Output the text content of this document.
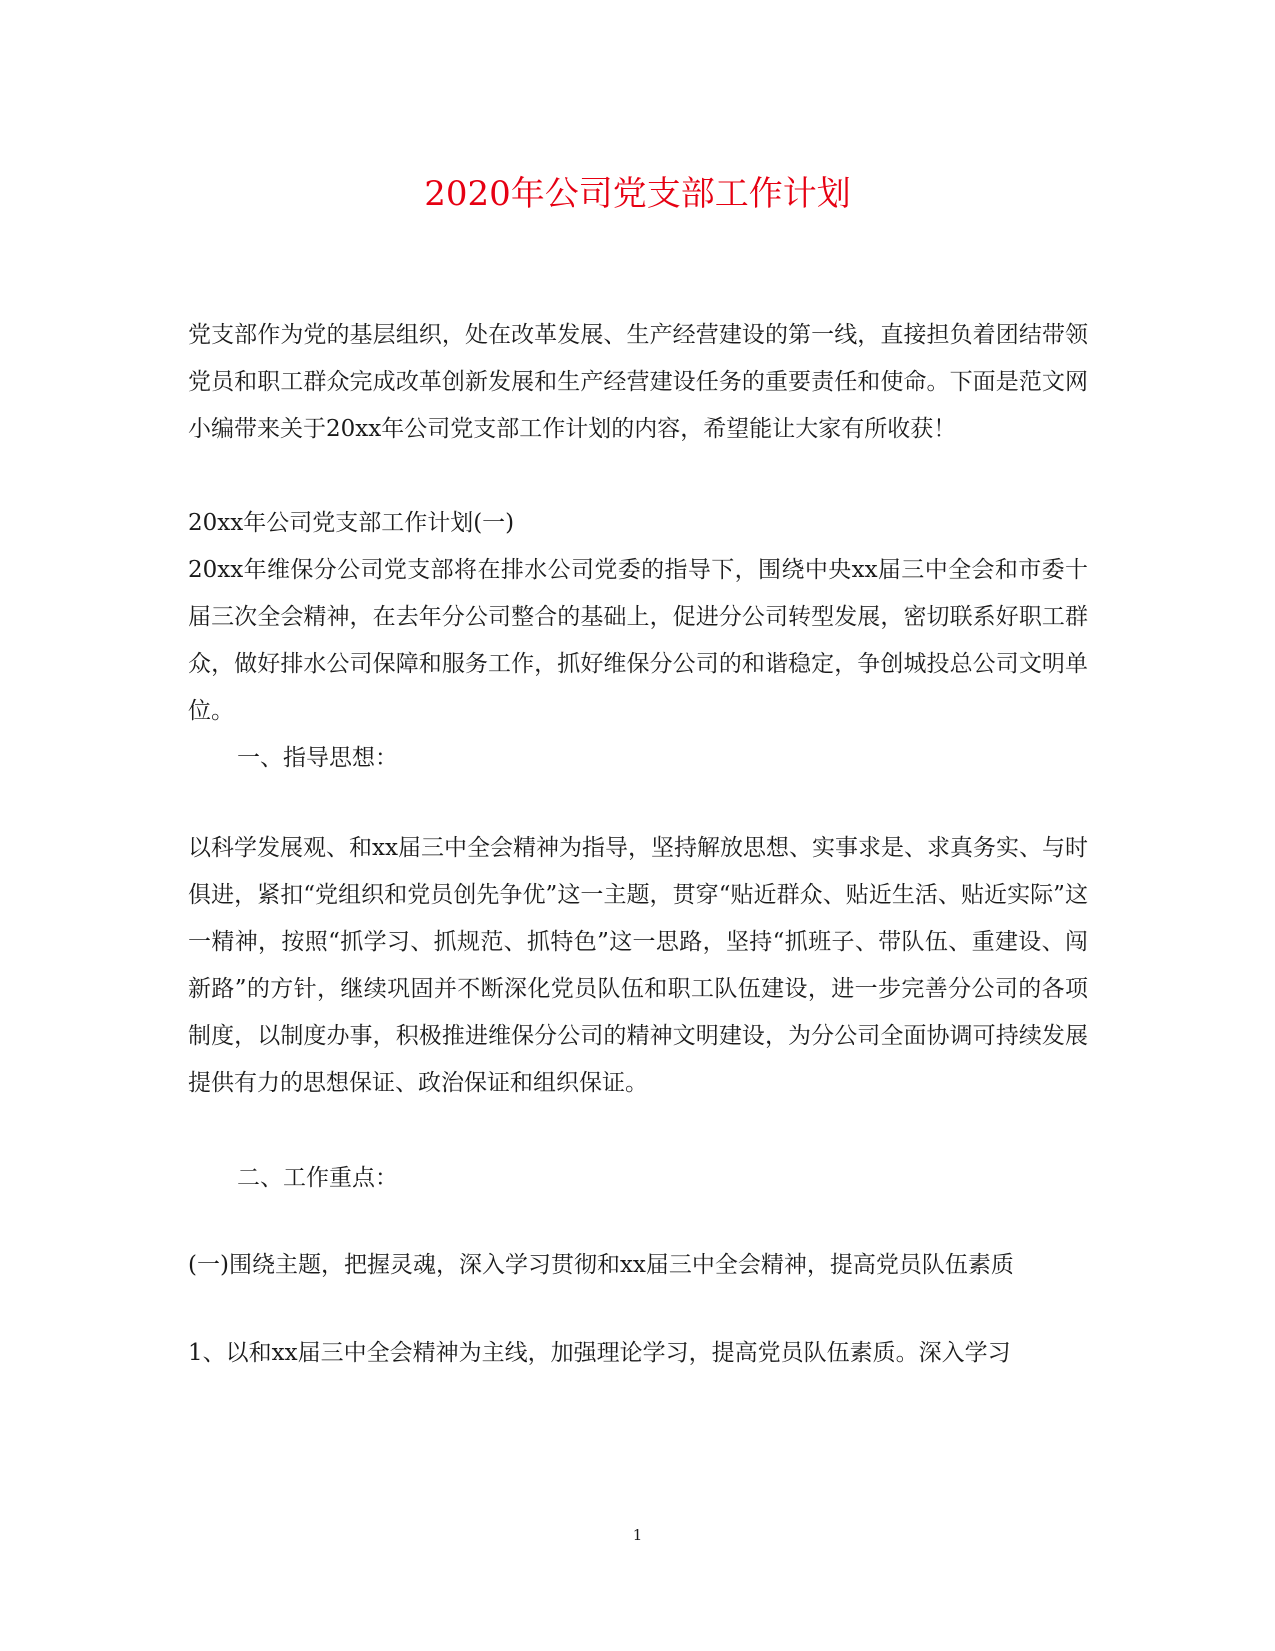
2020年公司党支部工作计划

党支部作为党的基层组织，处在改革发展、生产经营建设的第一线，直接担负着团结带领党员和职工群众完成改革创新发展和生产经营建设任务的重要责任和使命。下面是范文网小编带来关于20xx年公司党支部工作计划的内容，希望能让大家有所收获！

20xx年公司党支部工作计划(一)

20xx年维保分公司党支部将在排水公司党委的指导下，围绕中央xx届三中全会和市委十届三次全会精神，在去年分公司整合的基础上，促进分公司转型发展，密切联系好职工群众，做好排水公司保障和服务工作，抓好维保分公司的和谐稳定，争创城投总公司文明单位。

一、指导思想：

以科学发展观、和xx届三中全会精神为指导，坚持解放思想、实事求是、求真务实、与时俱进，紧扣“党组织和党员创先争优”这一主题，贯穿“贴近群众、贴近生活、贴近实际”这一精神，按照“抓学习、抓规范、抓特色”这一思路，坚持“抓班子、带队伍、重建设、闯新路”的方针，继续巩固并不断深化党员队伍和职工队伍建设，进一步完善分公司的各项制度，以制度办事，积极推进维保分公司的精神文明建设，为分公司全面协调可持续发展提供有力的思想保证、政治保证和组织保证。

二、工作重点：

(一)围绕主题，把握灵魂，深入学习贯彻和xx届三中全会精神，提高党员队伍素质

1、以和xx届三中全会精神为主线，加强理论学习，提高党员队伍素质。深入学习

1
